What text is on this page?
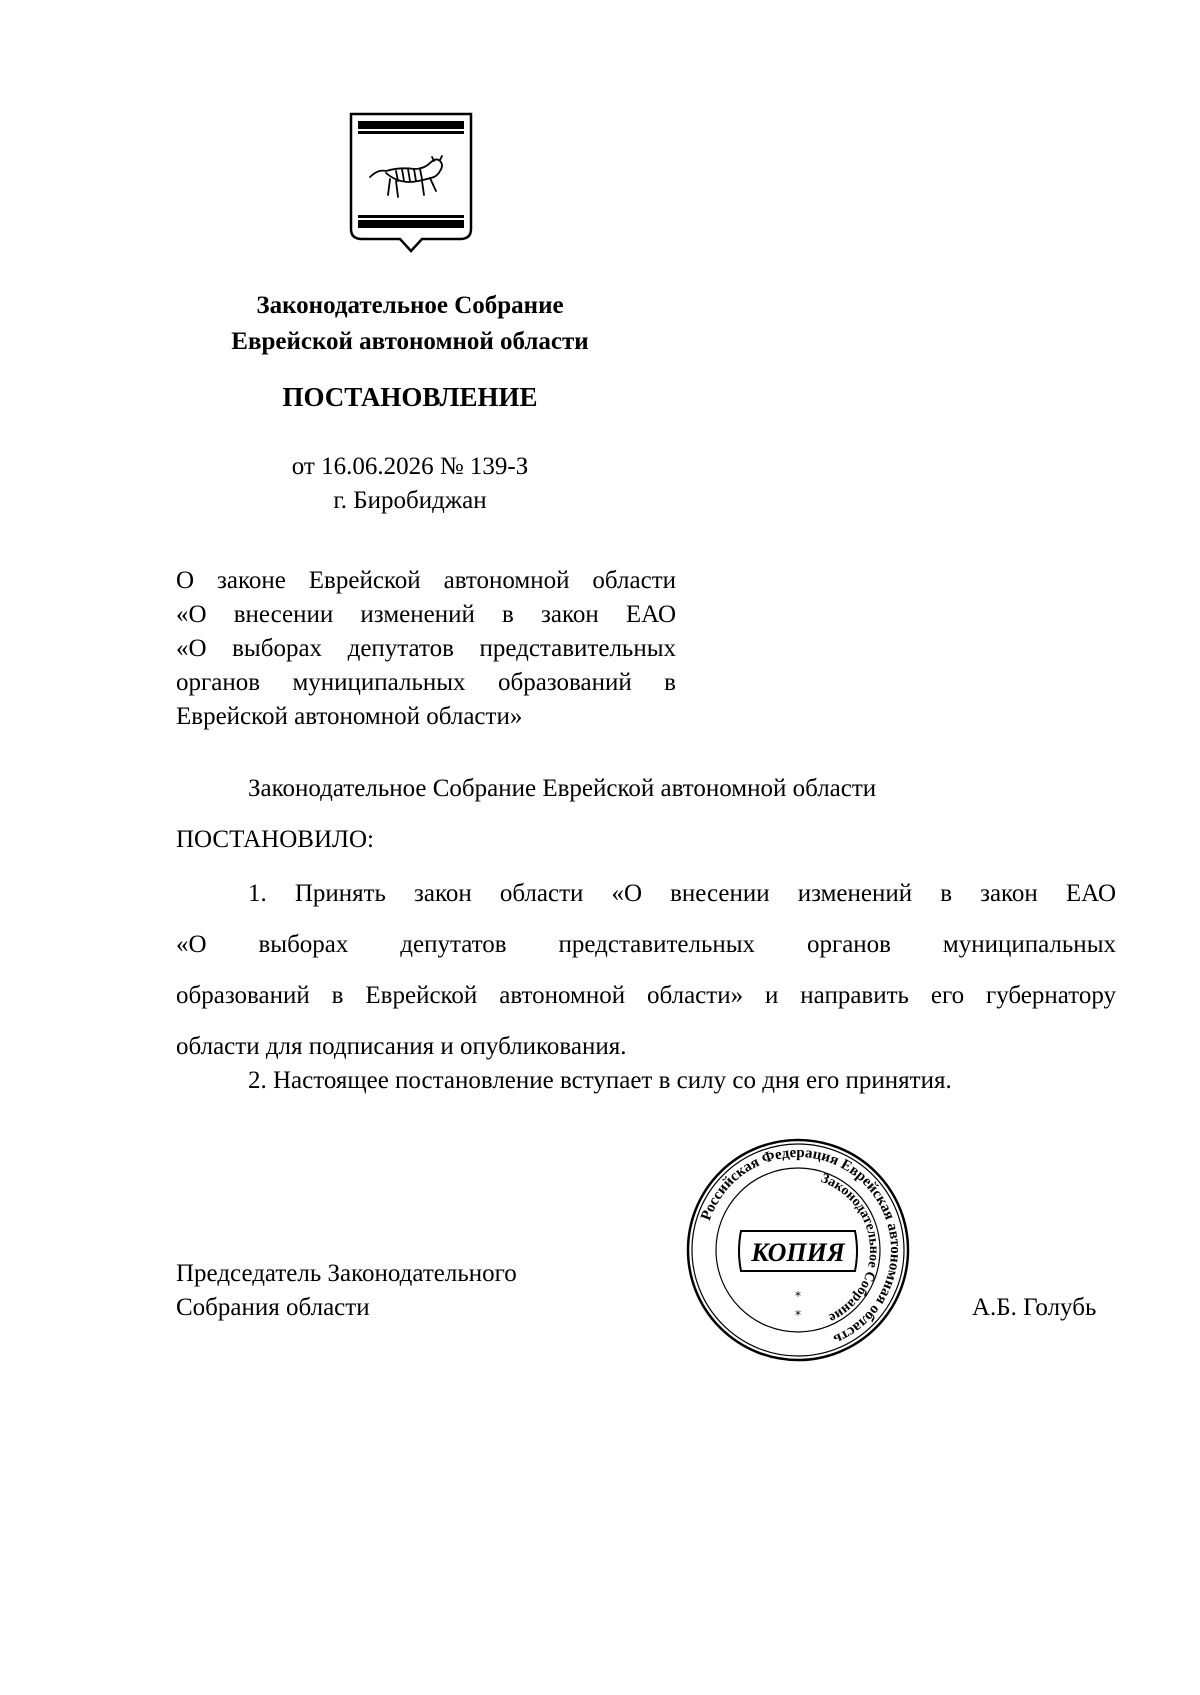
Законодательное Собрание
Еврейской автономной области
ПОСТАНОВЛЕНИЕ
от 16.06.2026 № 139-З
г. Биробиджан
О законе Еврейской автономной области
«О внесении изменений в закон ЕАО
«О выборах депутатов представительных
органов муниципальных образований в
Еврейской автономной области»
Законодательное Собрание Еврейской автономной области
ПОСТАНОВИЛО:
1. Принять закон области «О внесении изменений в закон ЕАО
«О выборах депутатов представительных органов муниципальных
образований в Еврейской автономной области» и направить его губернатору
области для подписания и опубликования.
2. Настоящее постановление вступает в силу со дня его принятия.
Председатель Законодательного
Собрания области	А.Б. Голубь
Российская Федерация Еврейская автономная область
Законодательное Собрание
КОПИЯ
*
*
